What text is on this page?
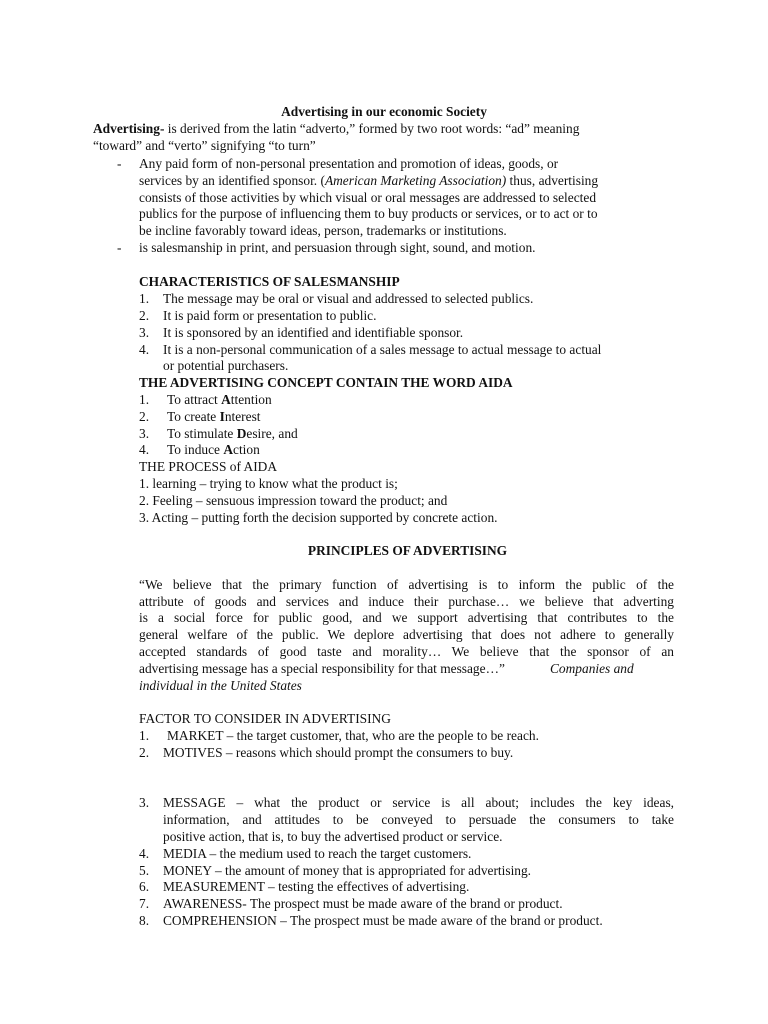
Advertising in our economic Society
Advertising- is derived from the latin “adverto,” formed by two root words: “ad” meaning
“toward” and “verto” signifying “to turn”
- Any paid form of non-personal presentation and promotion of ideas, goods, or
services by an identified sponsor. (American Marketing Association) thus, advertising
consists of those activities by which visual or oral messages are addressed to selected
publics for the purpose of influencing them to buy products or services, or to act or to
be incline favorably toward ideas, person, trademarks or institutions.
- is salesmanship in print, and persuasion through sight, sound, and motion.
CHARACTERISTICS OF SALESMANSHIP
1. The message may be oral or visual and addressed to selected publics.
2. It is paid form or presentation to public.
3. It is sponsored by an identified and identifiable sponsor.
4. It is a non-personal communication of a sales message to actual message to actual
or potential purchasers.
THE ADVERTISING CONCEPT CONTAIN THE WORD AIDA
1. To attract Attention
2. To create Interest
3. To stimulate Desire, and
4. To induce Action
THE PROCESS of AIDA
1. learning – trying to know what the product is;
2. Feeling – sensuous impression toward the product; and
3. Acting – putting forth the decision supported by concrete action.
PRINCIPLES OF ADVERTISING
“We believe that the primary function of advertising is to inform the public of the
attribute of goods and services and induce their purchase… we believe that adverting
is a social force for public good, and we support advertising that contributes to the
general welfare of the public. We deplore advertising that does not adhere to generally
accepted standards of good taste and morality… We believe that the sponsor of an
advertising message has a special responsibility for that message…”	Companies and
individual in the United States
FACTOR TO CONSIDER IN ADVERTISING
1. MARKET – the target customer, that, who are the people to be reach.
2. MOTIVES – reasons which should prompt the consumers to buy.
3. MESSAGE – what the product or service is all about; includes the key ideas,
information, and attitudes to be conveyed to persuade the consumers to take
positive action, that is, to buy the advertised product or service.
4. MEDIA – the medium used to reach the target customers.
5. MONEY – the amount of money that is appropriated for advertising.
6. MEASUREMENT – testing the effectives of advertising.
7. AWARENESS- The prospect must be made aware of the brand or product.
8. COMPREHENSION – The prospect must be made aware of the brand or product.
